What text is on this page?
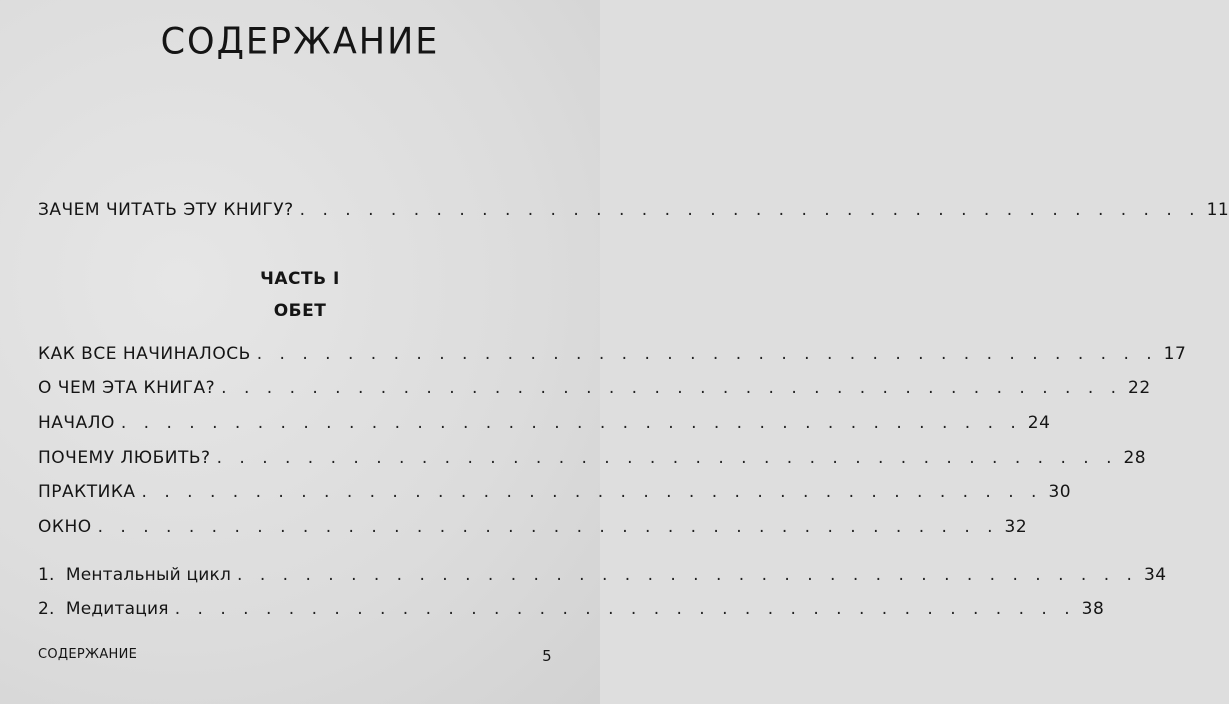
СОДЕРЖАНИЕ
ЗАЧЕМ ЧИТАТЬ ЭТУ КНИГУ? . . . . . . . . . . . . . . . . . . . . . . . . . . . . . . . . . . . . . . . . 11
ЧАСТЬ I
ОБЕТ
КАК ВСЕ НАЧИНАЛОСЬ . . . . . . . . . . . . . . . . . . . . . . . . . . . . . . . . . . . . . . . . 17
О ЧЕМ ЭТА КНИГА? . . . . . . . . . . . . . . . . . . . . . . . . . . . . . . . . . . . . . . . . 22
НАЧАЛО . . . . . . . . . . . . . . . . . . . . . . . . . . . . . . . . . . . . . . . . 24
ПОЧЕМУ ЛЮБИТЬ? . . . . . . . . . . . . . . . . . . . . . . . . . . . . . . . . . . . . . . . . 28
ПРАКТИКА . . . . . . . . . . . . . . . . . . . . . . . . . . . . . . . . . . . . . . . . 30
ОКНО . . . . . . . . . . . . . . . . . . . . . . . . . . . . . . . . . . . . . . . . 32
1.  Ментальный цикл . . . . . . . . . . . . . . . . . . . . . . . . . . . . . . . . . . . . . . . . 34
2.  Медитация . . . . . . . . . . . . . . . . . . . . . . . . . . . . . . . . . . . . . . . . 38
СОДЕРЖАНИЕ	5
